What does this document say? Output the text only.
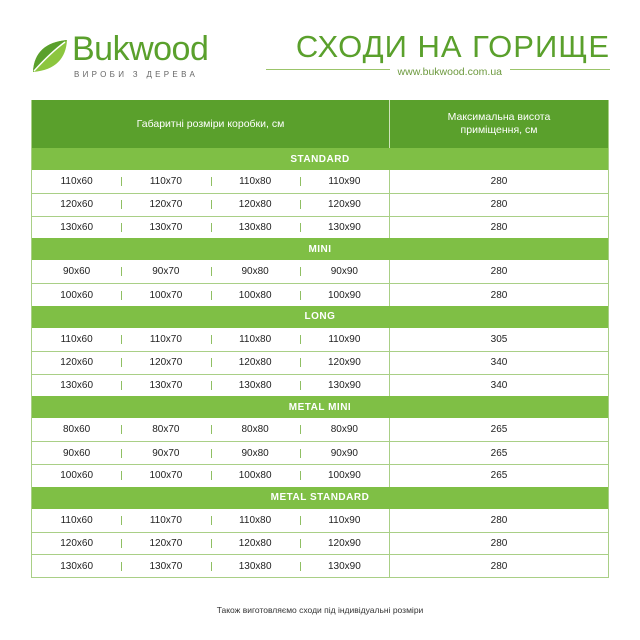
Bukwood
ВИРОБИ З ДЕРЕВА
СХОДИ НА ГОРИЩЕ
www.bukwood.com.ua
Габаритні розміри коробки, см
Максимальна висота приміщення, см
STANDARD
110х60	110х70	110х80	110х90	280
120х60	120х70	120х80	120х90	280
130х60	130х70	130х80	130х90	280
MINI
90х60	90х70	90х80	90х90	280
100х60	100х70	100х80	100х90	280
LONG
110х60	110х70	110х80	110х90	305
120х60	120х70	120х80	120х90	340
130х60	130х70	130х80	130х90	340
METAL MINI
80х60	80х70	80х80	80х90	265
90х60	90х70	90х80	90х90	265
100х60	100х70	100х80	100х90	265
METAL STANDARD
110х60	110х70	110х80	110х90	280
120х60	120х70	120х80	120х90	280
130х60	130х70	130х80	130х90	280
Також виготовляємо сходи під індивідуальні розміри
